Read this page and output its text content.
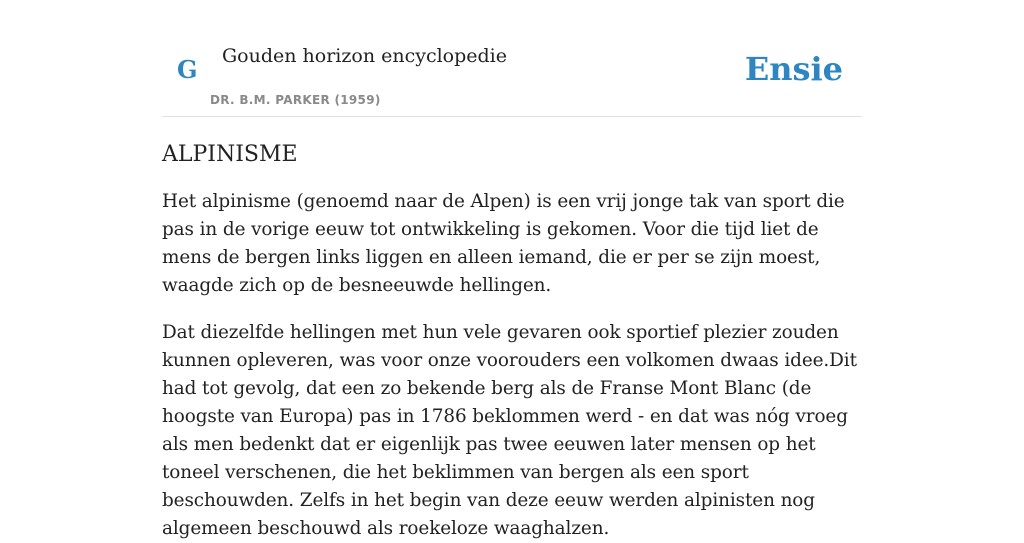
G Gouden horizon encyclopedie
DR. B.M. PARKER (1959)
Ensie
ALPINISME

Het alpinisme (genoemd naar de Alpen) is een vrij jonge tak van sport die pas in de vorige eeuw tot ontwikkeling is gekomen. Voor die tijd liet de mens de bergen links liggen en alleen iemand, die er per se zijn moest, waagde zich op de besneeuwde hellingen.

Dat diezelfde hellingen met hun vele gevaren ook sportief plezier zouden kunnen opleveren, was voor onze voorouders een volkomen dwaas idee.Dit had tot gevolg, dat een zo bekende berg als de Franse Mont Blanc (de hoogste van Europa) pas in 1786 beklommen werd - en dat was nóg vroeg als men bedenkt dat er eigenlijk pas twee eeuwen later mensen op het toneel verschenen, die het beklimmen van bergen als een sport beschouwden. Zelfs in het begin van deze eeuw werden alpinisten nog algemeen beschouwd als roekeloze waaghalzen.
